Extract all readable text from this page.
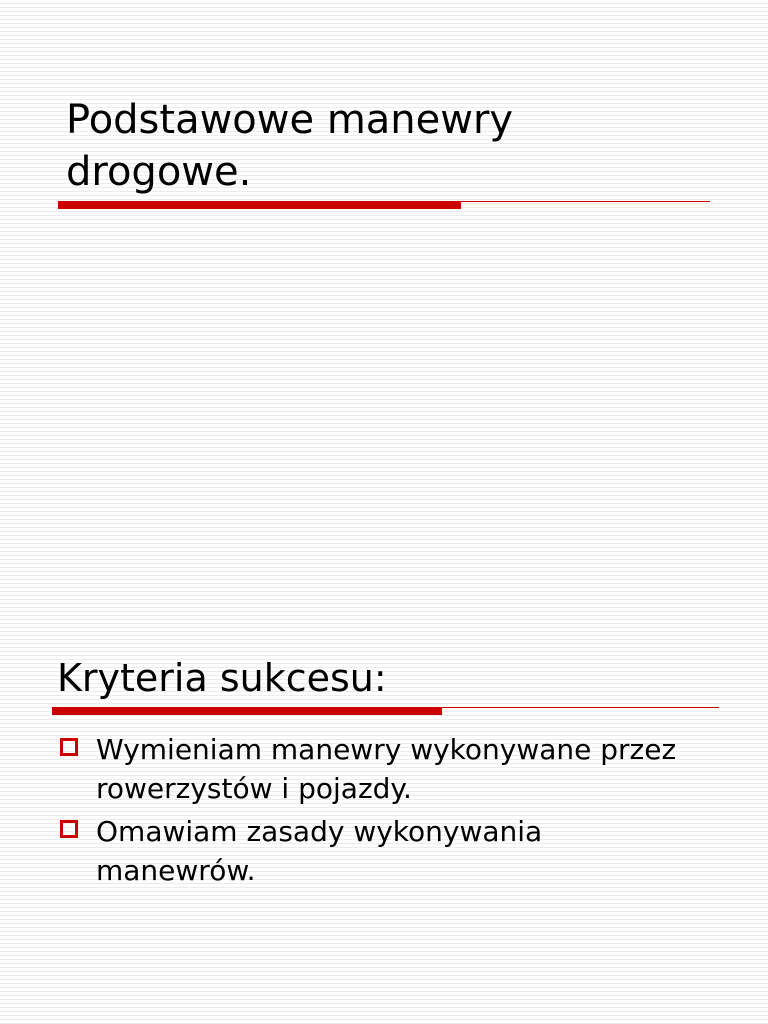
Podstawowe manewry drogowe.
Kryteria sukcesu:
Wymieniam manewry wykonywane przez rowerzystów i pojazdy.
Omawiam zasady wykonywania manewrów.
